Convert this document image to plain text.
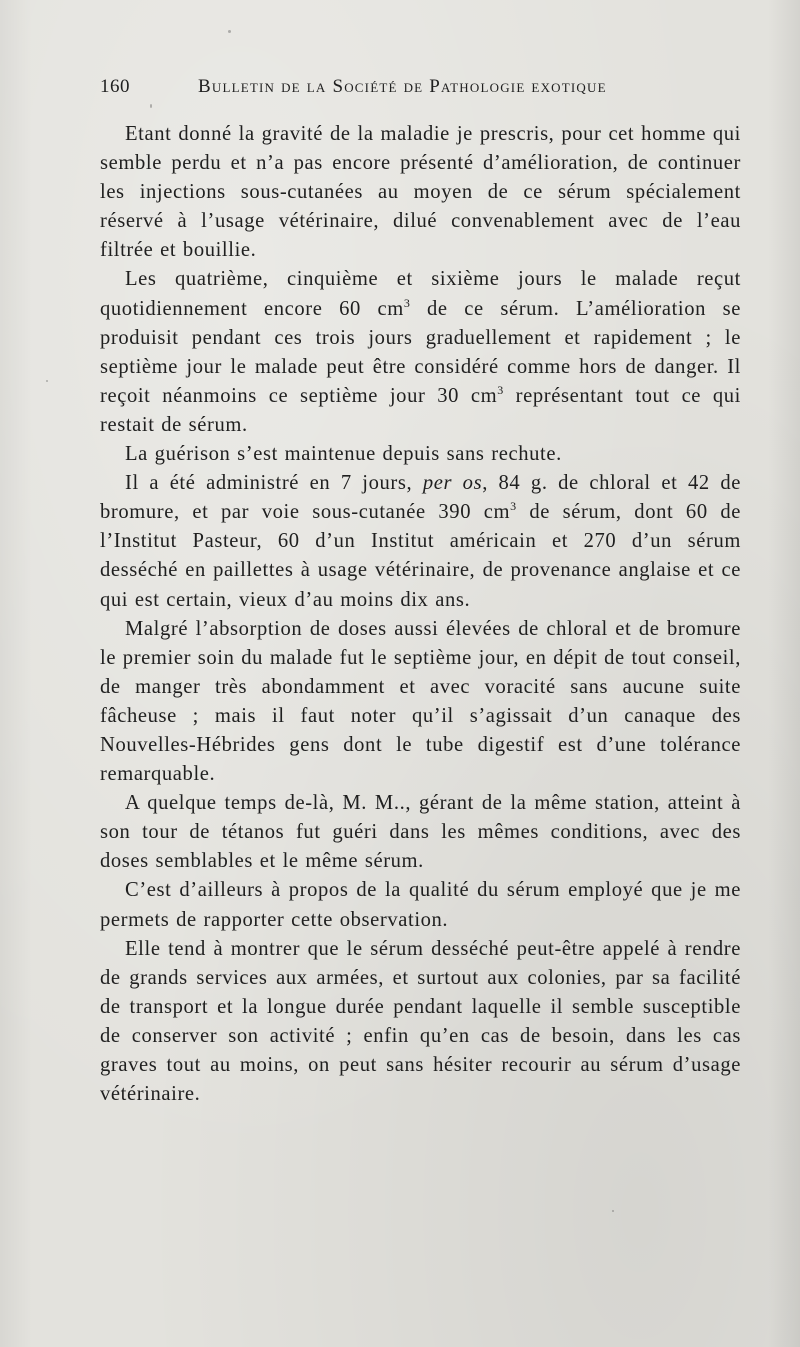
160	Bulletin de la Société de Pathologie exotique

Etant donné la gravité de la maladie je prescris, pour cet homme qui semble perdu et n’a pas encore présenté d’amélioration, de continuer les injections sous-cutanées au moyen de ce sérum spécialement réservé à l’usage vétérinaire, dilué convenablement avec de l’eau filtrée et bouillie.

Les quatrième, cinquième et sixième jours le malade reçut quotidiennement encore 60 $cm^3$ de ce sérum. L’amélioration se produisit pendant ces trois jours graduellement et rapidement ; le septième jour le malade peut être considéré comme hors de danger. Il reçoit néanmoins ce septième jour 30 $cm^3$ représentant tout ce qui restait de sérum.

La guérison s’est maintenue depuis sans rechute.

Il a été administré en 7 jours, per os, 84 g. de chloral et 42 de bromure, et par voie sous-cutanée 390 $cm^3$ de sérum, dont 60 de l’Institut Pasteur, 60 d’un Institut américain et 270 d’un sérum desséché en paillettes à usage vétérinaire, de provenance anglaise et ce qui est certain, vieux d’au moins dix ans.

Malgré l’absorption de doses aussi élevées de chloral et de bromure le premier soin du malade fut le septième jour, en dépit de tout conseil, de manger très abondamment et avec voracité sans aucune suite fâcheuse ; mais il faut noter qu’il s’agissait d’un canaque des Nouvelles-Hébrides gens dont le tube digestif est d’une tolérance remarquable.

A quelque temps de-là, M. M.., gérant de la même station, atteint à son tour de tétanos fut guéri dans les mêmes conditions, avec des doses semblables et le même sérum.

C’est d’ailleurs à propos de la qualité du sérum employé que je me permets de rapporter cette observation.

Elle tend à montrer que le sérum desséché peut-être appelé à rendre de grands services aux armées, et surtout aux colonies, par sa facilité de transport et la longue durée pendant laquelle il semble susceptible de conserver son activité ; enfin qu’en cas de besoin, dans les cas graves tout au moins, on peut sans hésiter recourir au sérum d’usage vétérinaire.
